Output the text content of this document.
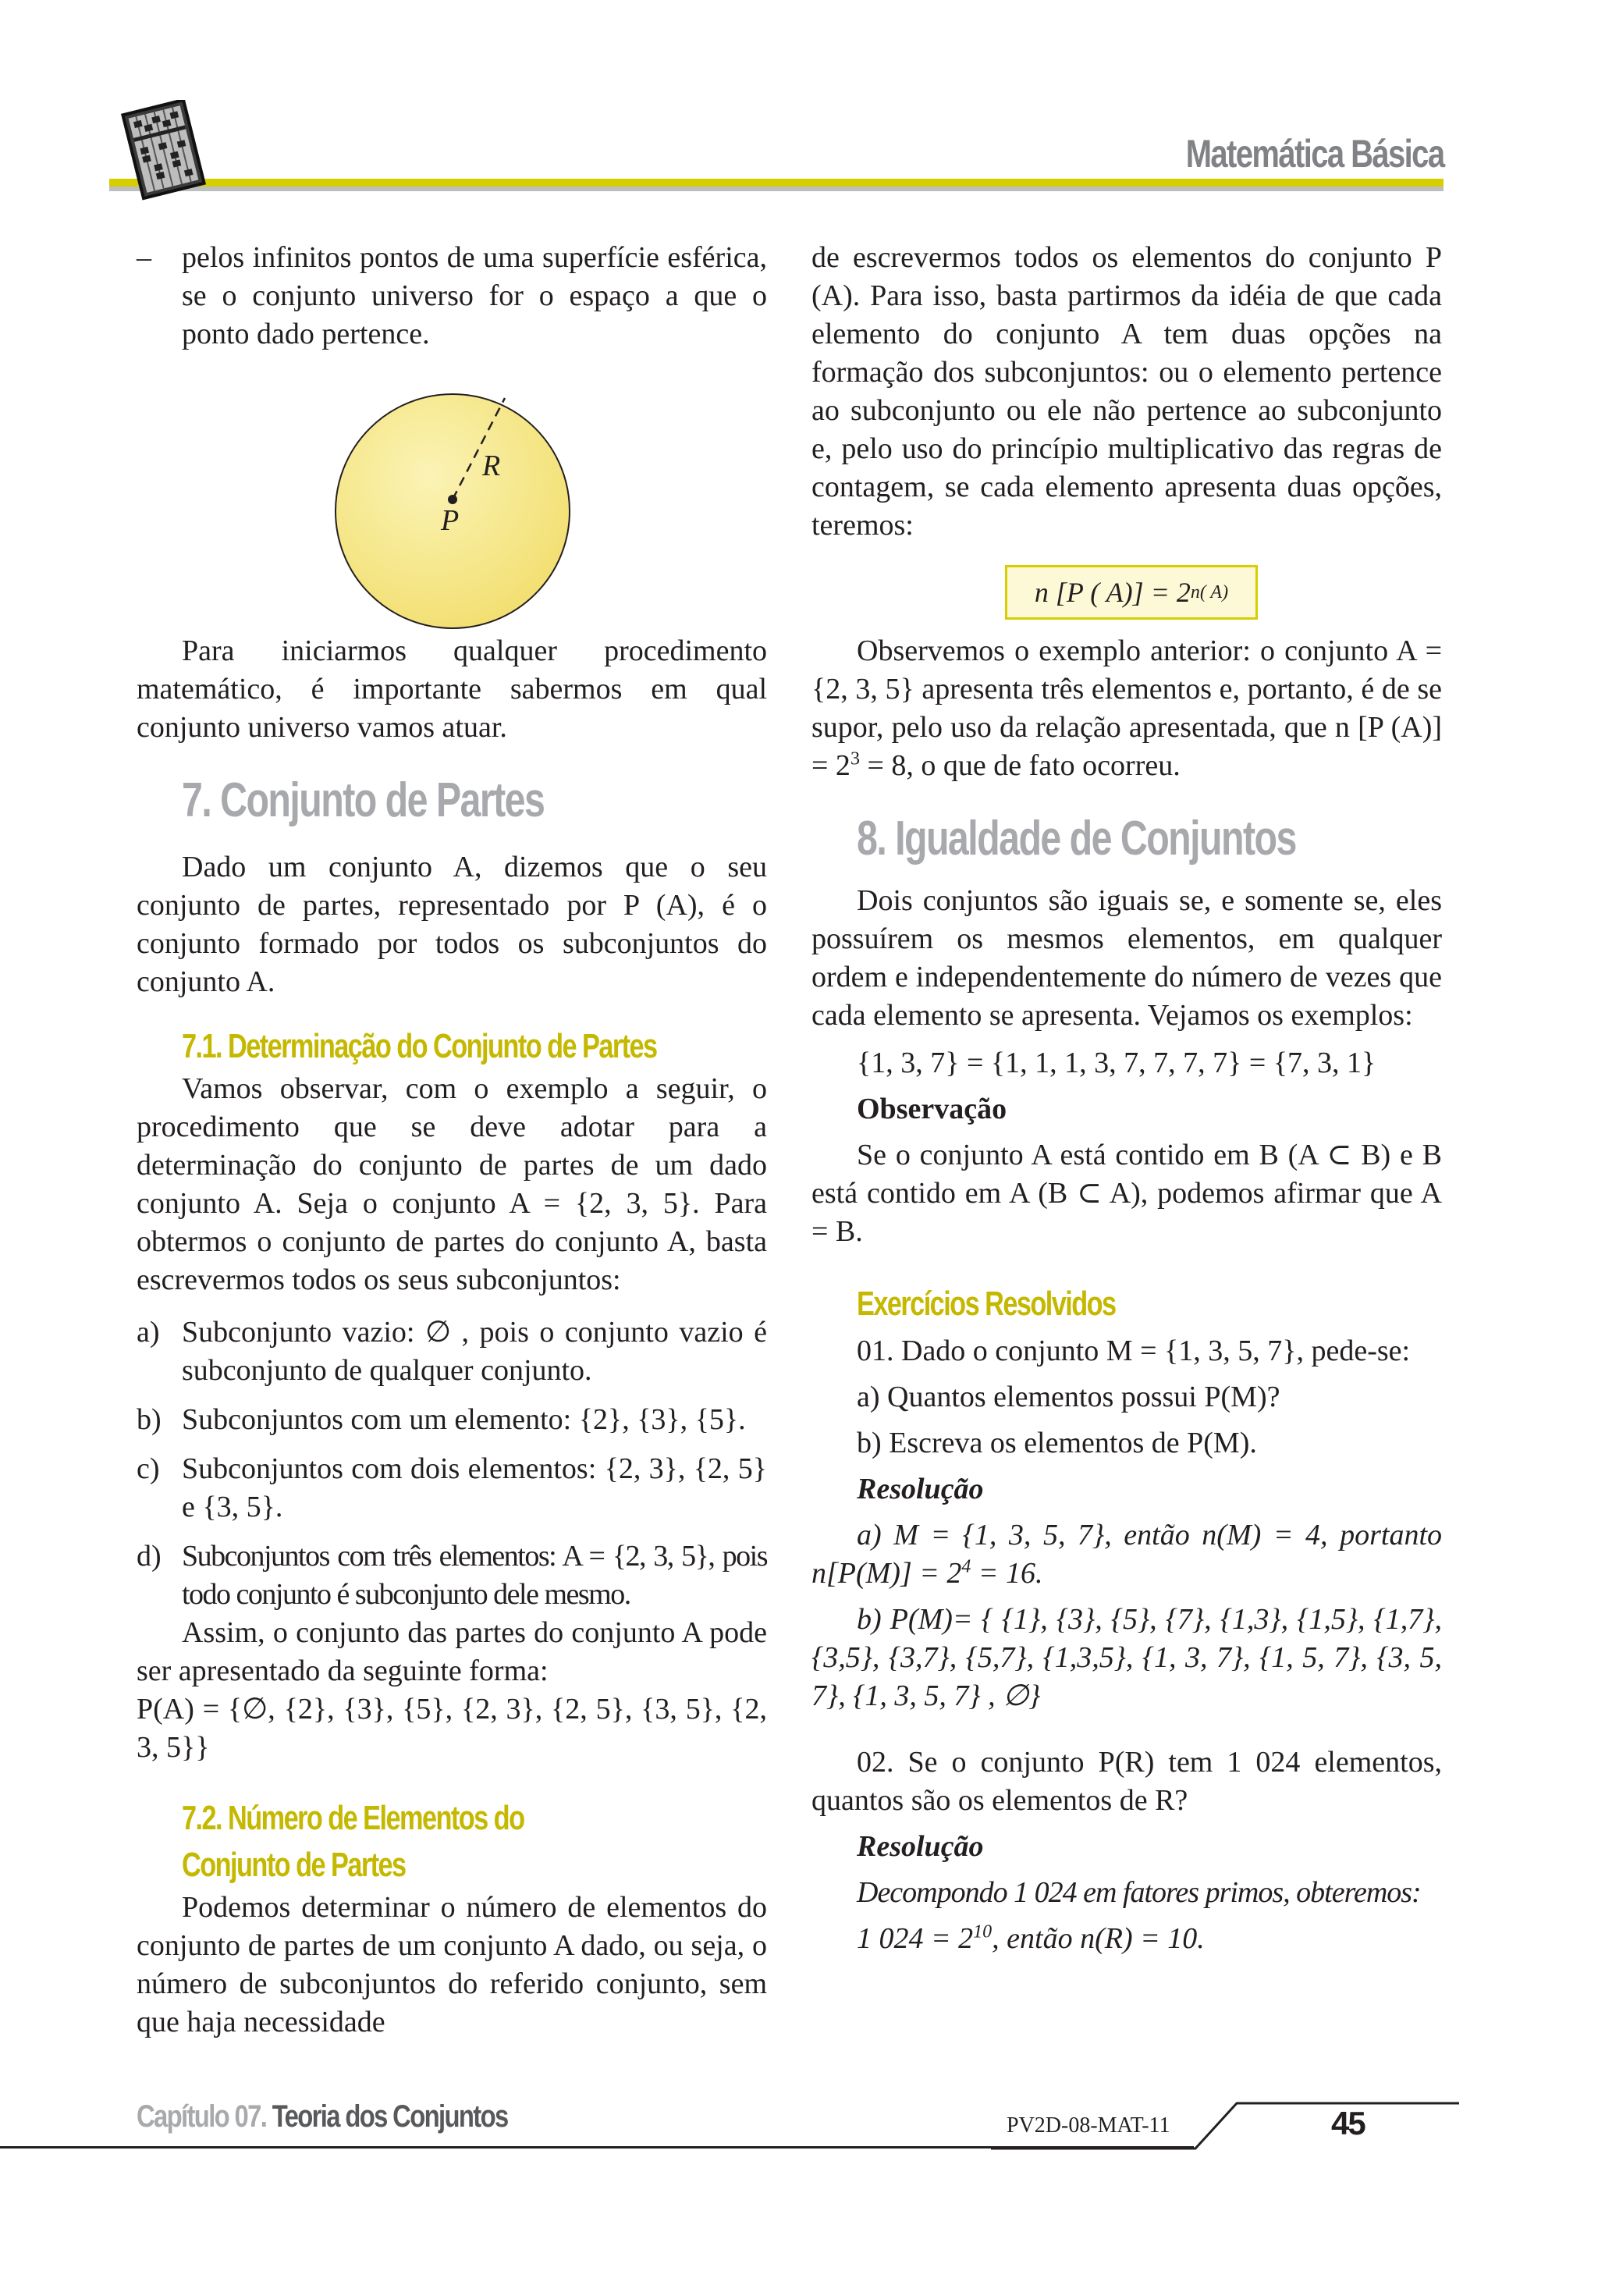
Matemática Básica
–	pelos infinitos pontos de uma superfície esférica, se o conjunto universo for o espaço a que o ponto dado pertence.
R
P

Para iniciarmos qualquer procedimento matemático, é importante sabermos em qual conjunto universo vamos atuar.

7. Conjunto de Partes

Dado um conjunto A, dizemos que o seu conjunto de partes, representado por P (A), é o conjunto formado por todos os subconjuntos do conjunto A.

7.1. Determinação do Conjunto de Partes

Vamos observar, com o exemplo a seguir, o procedimento que se deve adotar para a determinação do conjunto de partes de um dado conjunto A. Seja o conjunto A = {2, 3, 5}. Para obtermos o conjunto de partes do conjunto A, basta escrevermos todos os seus subconjuntos:

a) Subconjunto vazio: ∅ , pois o conjunto vazio é subconjunto de qualquer conjunto.
b) Subconjuntos com um elemento: {2}, {3}, {5}.
c) Subconjuntos com dois elementos: {2, 3}, {2, 5} e {3, 5}.
d) Subconjuntos com três elementos: A = {2, 3, 5}, pois todo conjunto é subconjunto dele mesmo.

Assim, o conjunto das partes do conjunto A pode ser apresentado da seguinte forma:

P(A) = {∅, {2}, {3}, {5}, {2, 3}, {2, 5}, {3, 5}, {2, 3, 5}}

7.2. Número de Elementos do
Conjunto de Partes

Podemos determinar o número de elementos do conjunto de partes de um conjunto A dado, ou seja, o número de subconjuntos do referido conjunto, sem que haja necessidade

de escrevermos todos os elementos do conjunto P (A). Para isso, basta partirmos da idéia de que cada elemento do conjunto A tem duas opções na formação dos subconjuntos: ou o elemento pertence ao subconjunto ou ele não pertence ao subconjunto e, pelo uso do princípio multiplicativo das regras de contagem, se cada elemento apresenta duas opções, teremos:

n [P ( A)] = 2 n( A)

Observemos o exemplo anterior: o conjunto A = {2, 3, 5} apresenta três elementos e, portanto, é de se supor, pelo uso da relação apresentada, que n [P $(A)] = 2^3 = 8$, o que de fato ocorreu.

8. Igualdade de Conjuntos

Dois conjuntos são iguais se, e somente se, eles possuírem os mesmos elementos, em qualquer ordem e independentemente do número de vezes que cada elemento se apresenta. Vejamos os exemplos:

{1, 3, 7} = {1, 1, 1, 3, 7, 7, 7, 7} = {7, 3, 1}

Observação

Se o conjunto A está contido em B (A ⊂ B) e B está contido em A (B ⊂ A), podemos afirmar que A = B.

Exercícios Resolvidos

01. Dado o conjunto M = {1, 3, 5, 7}, pede-se:

a) Quantos elementos possui P(M)?

b) Escreva os elementos de P(M).

Resolução

a) M = {1, 3, 5, 7}, então n(M) = 4, portanto $n[P(M)] = 2^4 = 16$.

b) P(M)= { {1}, {3}, {5}, {7}, {1,3}, {1,5}, {1,7}, {3,5}, {3,7}, {5,7}, {1,3,5}, {1, 3, 7}, {1, 5, 7}, {3, 5, 7}, {1, 3, 5, 7} , ∅}

02. Se o conjunto P(R) tem 1 024 elementos, quantos são os elementos de R?

Resolução

Decompondo 1 024 em fatores primos, obteremos:

1 $024 = 2^{10}$, então n(R) = 10.

Capítulo 07. Teoria dos Conjuntos	PV2D-08-MAT-11	45
